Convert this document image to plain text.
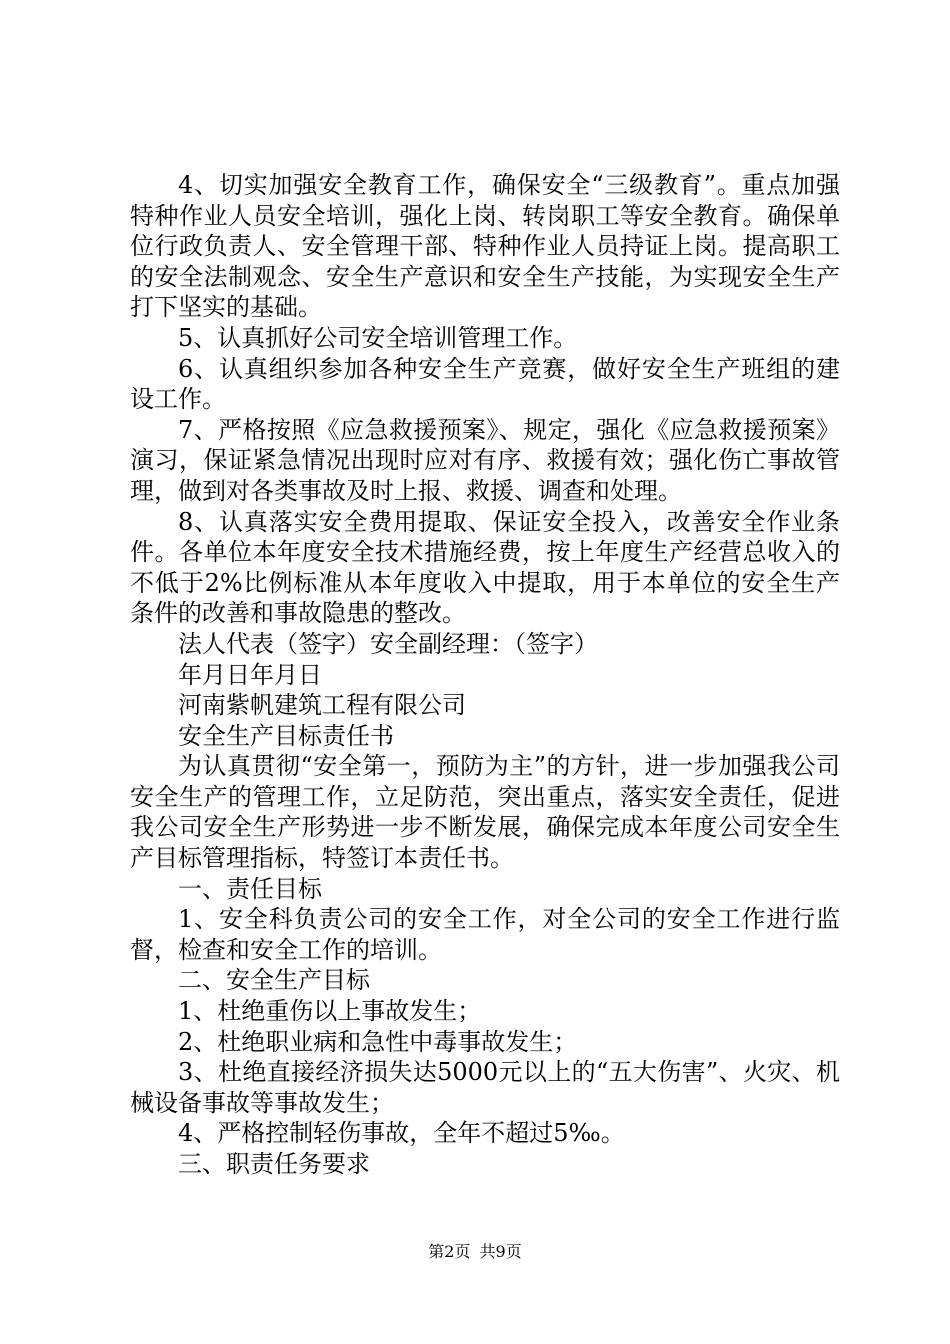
4、切实加强安全教育工作，确保安全“三级教育”。重点加强特种作业人员安全培训，强化上岗、转岗职工等安全教育。确保单位行政负责人、安全管理干部、特种作业人员持证上岗。提高职工的安全法制观念、安全生产意识和安全生产技能，为实现安全生产打下坚实的基础。

5、认真抓好公司安全培训管理工作。

6、认真组织参加各种安全生产竞赛，做好安全生产班组的建设工作。

7、严格按照《应急救援预案》、规定，强化《应急救援预案》演习，保证紧急情况出现时应对有序、救援有效；强化伤亡事故管理，做到对各类事故及时上报、救援、调查和处理。

8、认真落实安全费用提取、保证安全投入，改善安全作业条件。各单位本年度安全技术措施经费，按上年度生产经营总收入的不低于2%比例标准从本年度收入中提取，用于本单位的安全生产条件的改善和事故隐患的整改。

法人代表（签字）安全副经理：（签字）

年月日年月日

河南紫帆建筑工程有限公司

安全生产目标责任书

为认真贯彻“安全第一，预防为主”的方针，进一步加强我公司安全生产的管理工作，立足防范，突出重点，落实安全责任，促进我公司安全生产形势进一步不断发展，确保完成本年度公司安全生产目标管理指标，特签订本责任书。

一、责任目标

1、安全科负责公司的安全工作，对全公司的安全工作进行监督，检查和安全工作的培训。

二、安全生产目标

1、杜绝重伤以上事故发生；

2、杜绝职业病和急性中毒事故发生；

3、杜绝直接经济损失达5000元以上的“五大伤害”、火灾、机械设备事故等事故发生；

4、严格控制轻伤事故，全年不超过5‰。

三、职责任务要求

第2页 共9页
